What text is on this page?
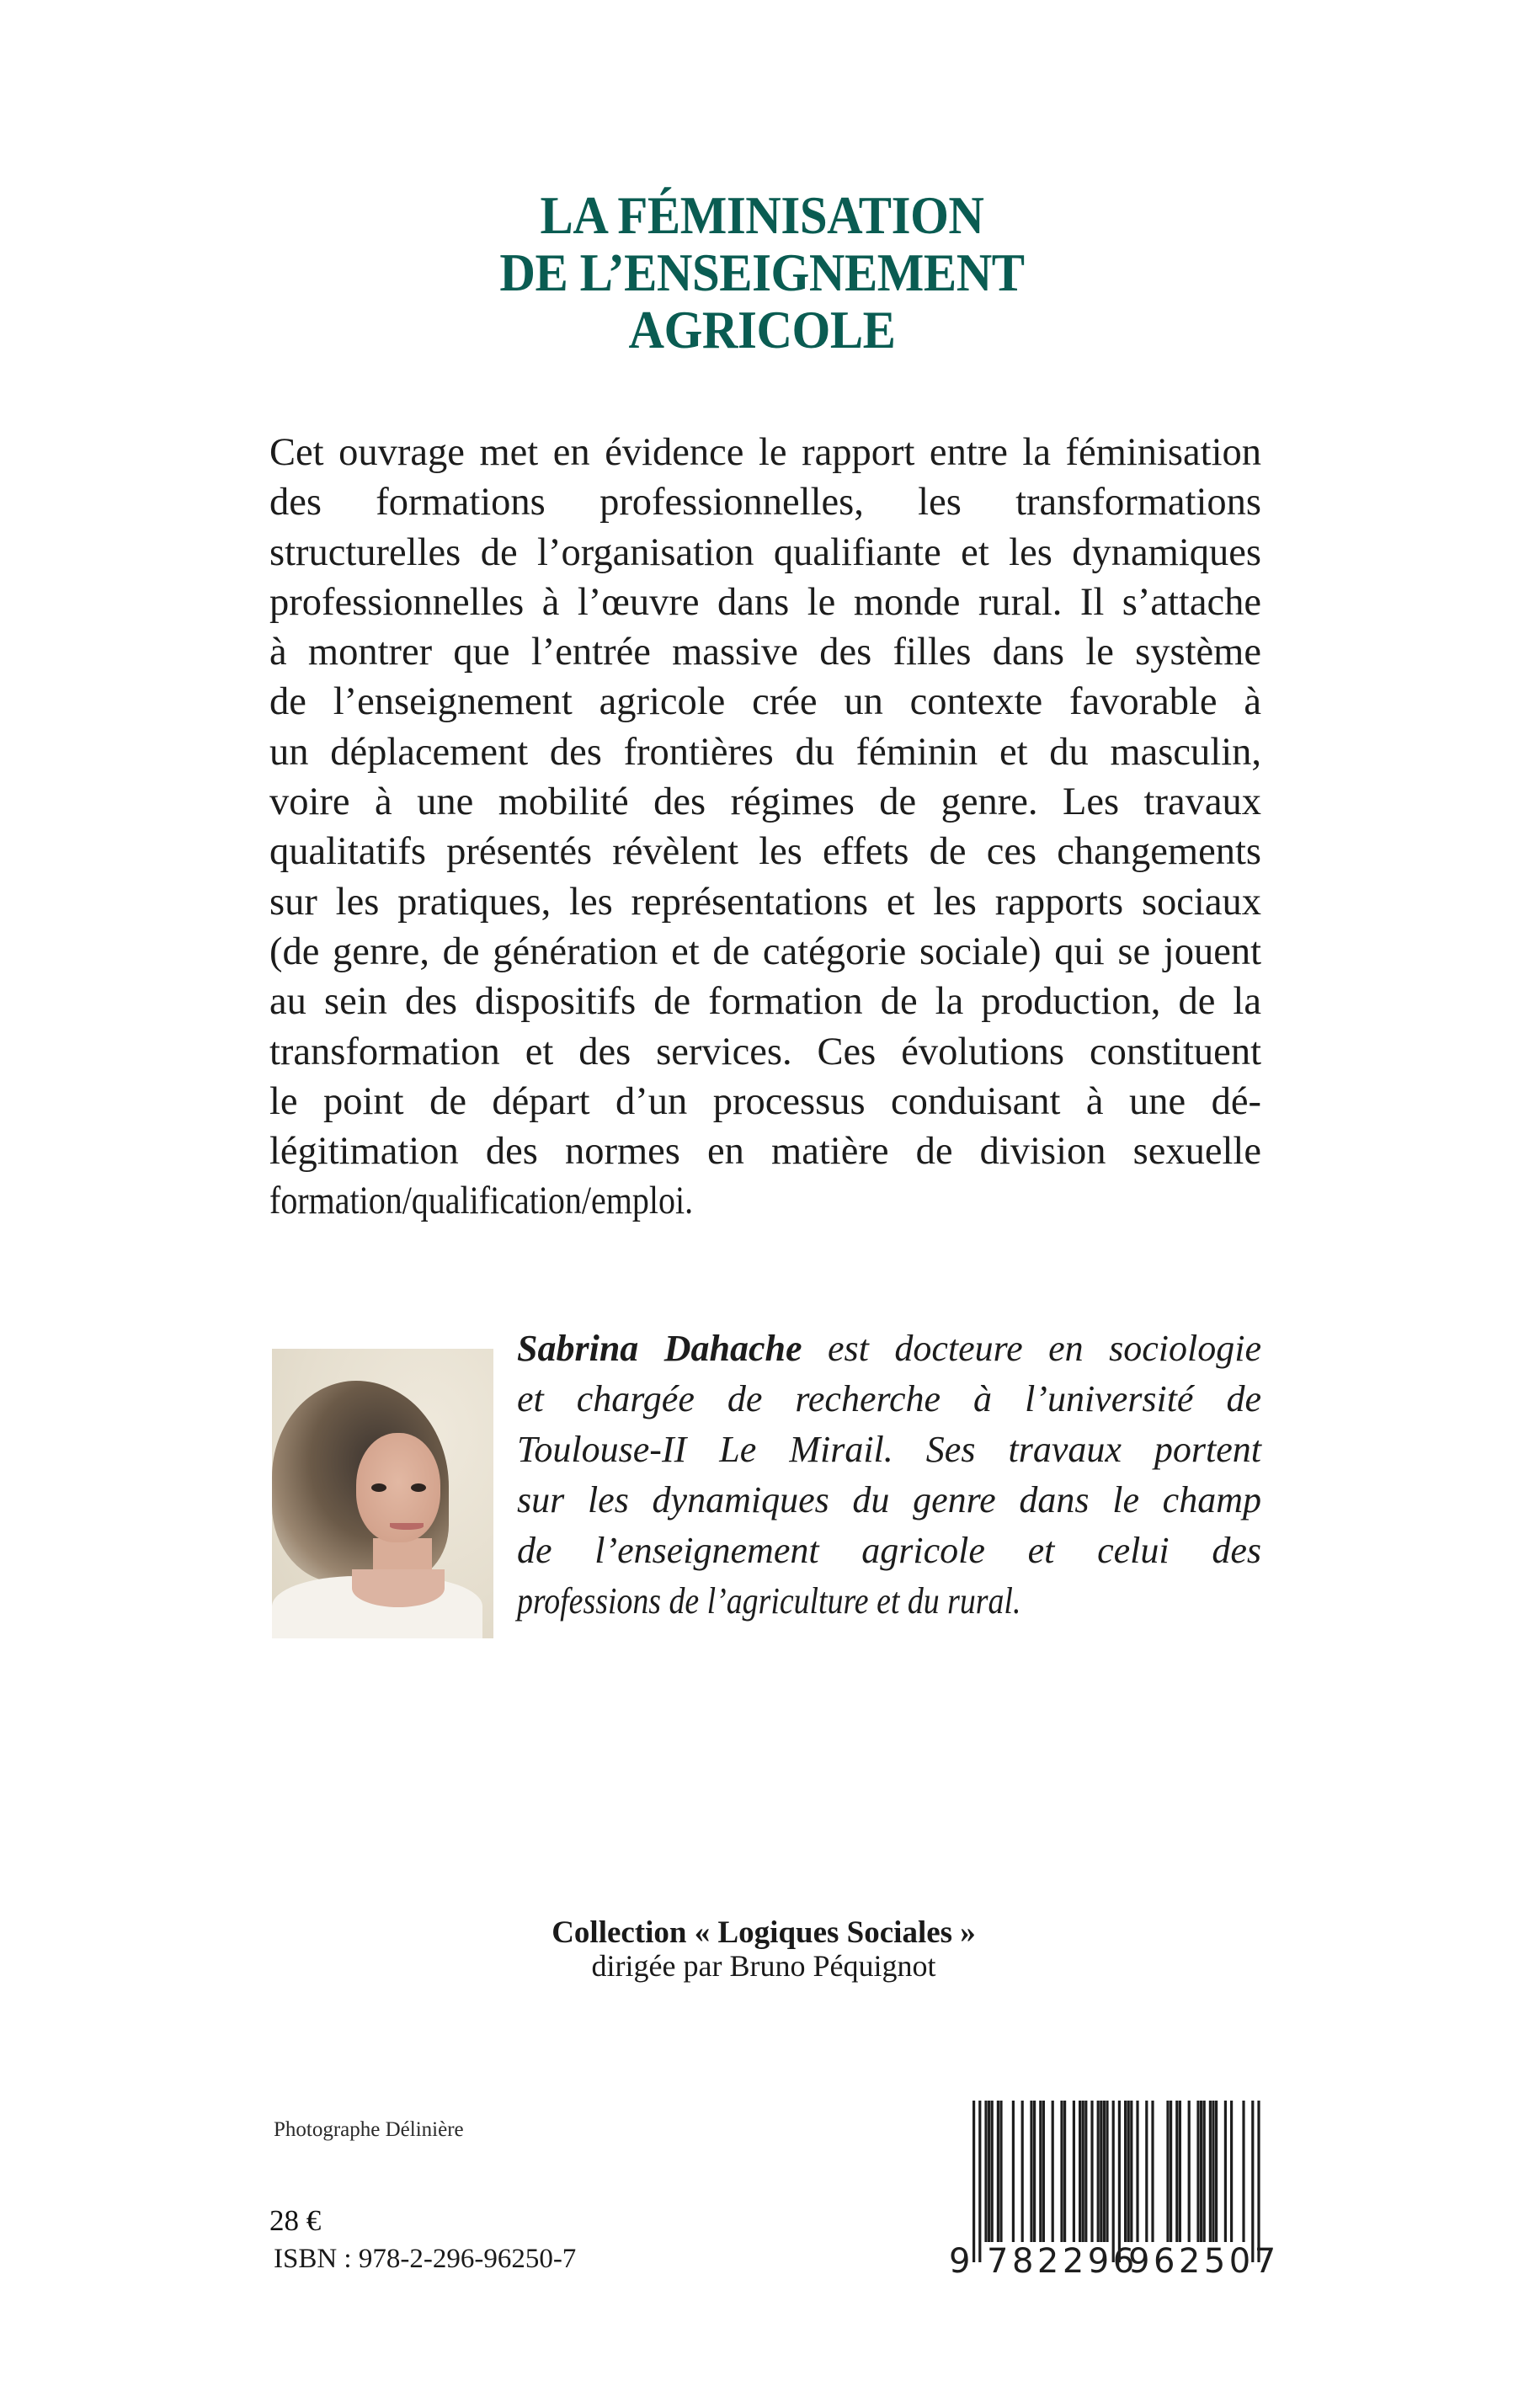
LA FÉMINISATION
DE L’ENSEIGNEMENT AGRICOLE
Cet ouvrage met en évidence le rapport entre la féminisation
des formations professionnelles, les transformations
structurelles de l’organisation qualifiante et les dynamiques
professionnelles à l’œuvre dans le monde rural. Il s’attache
à montrer que l’entrée massive des filles dans le système
de l’enseignement agricole crée un contexte favorable à
un déplacement des frontières du féminin et du masculin,
voire à une mobilité des régimes de genre. Les travaux
qualitatifs présentés révèlent les effets de ces changements
sur les pratiques, les représentations et les rapports sociaux
(de genre, de génération et de catégorie sociale) qui se jouent
au sein des dispositifs de formation de la production, de la
transformation et des services. Ces évolutions constituent
le point de départ d’un processus conduisant à une dé-
légitimation des normes en matière de division sexuelle
formation/qualification/emploi.
Sabrina Dahache est docteure en sociologie
et chargée de recherche à l’université de
Toulouse-II Le Mirail. Ses travaux portent
sur les dynamiques du genre dans le champ
de l’enseignement agricole et celui des
professions de l’agriculture et du rural.
Collection « Logiques Sociales »
dirigée par Bruno Péquignot
Photographe Délinière
28 €
ISBN : 978-2-296-96250-7	9 782296
962507
